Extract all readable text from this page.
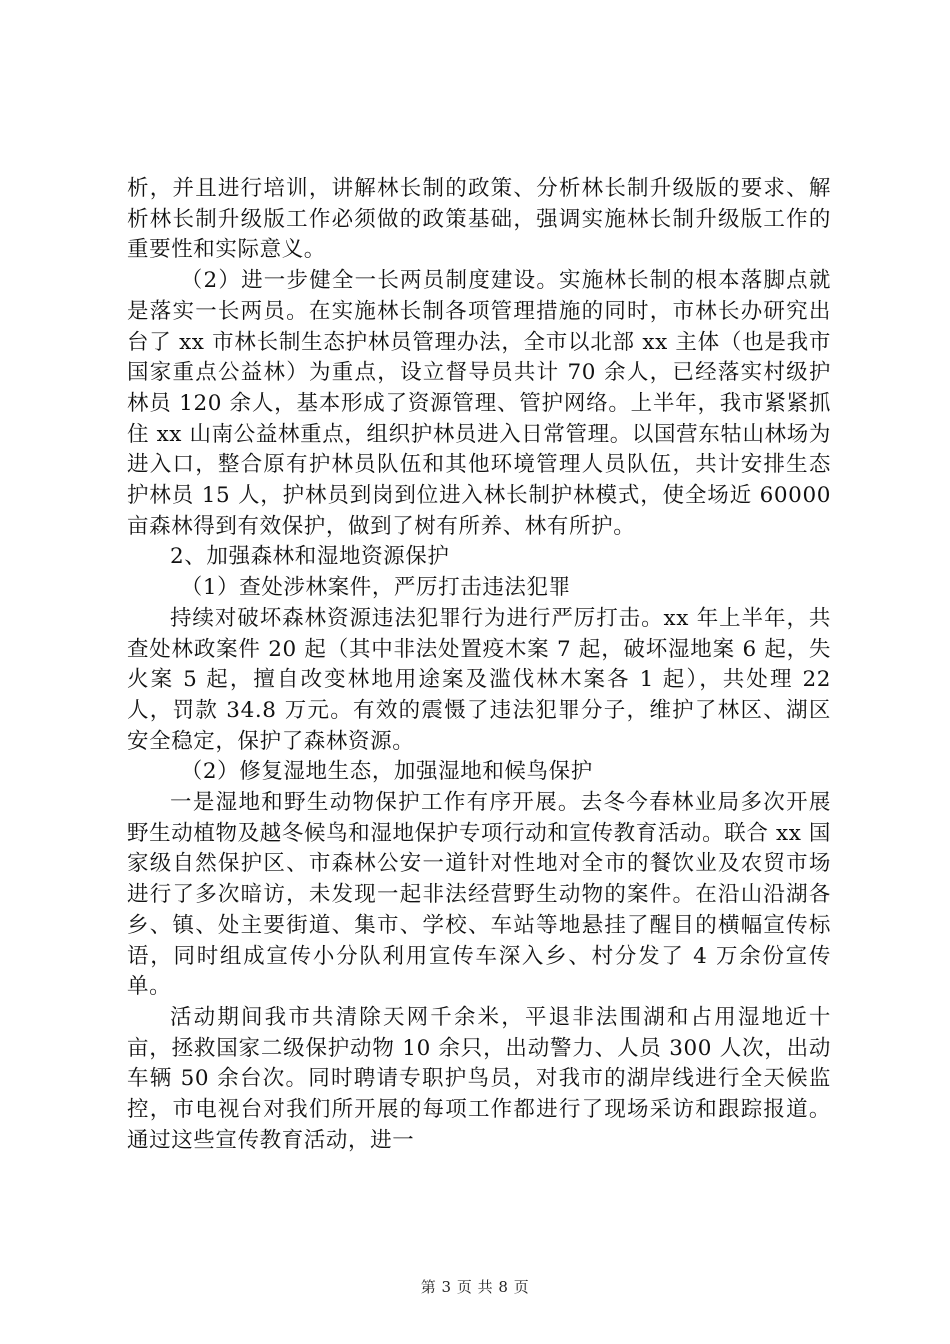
析，并且进行培训，讲解林长制的政策、分析林长制升级版的要求、解析林长制升级版工作必须做的政策基础，强调实施林长制升级版工作的重要性和实际意义。

（2）进一步健全一长两员制度建设。实施林长制的根本落脚点就是落实一长两员。在实施林长制各项管理措施的同时，市林长办研究出台了 xx 市林长制生态护林员管理办法，全市以北部 xx 主体（也是我市国家重点公益林）为重点，设立督导员共计 70 余人，已经落实村级护林员 120 余人，基本形成了资源管理、管护网络。上半年，我市紧紧抓住 xx 山南公益林重点，组织护林员进入日常管理。以国营东牯山林场为进入口，整合原有护林员队伍和其他环境管理人员队伍，共计安排生态护林员 15 人，护林员到岗到位进入林长制护林模式，使全场近 60000 亩森林得到有效保护，做到了树有所养、林有所护。

2、加强森林和湿地资源保护

（1）查处涉林案件，严厉打击违法犯罪

持续对破坏森林资源违法犯罪行为进行严厉打击。xx 年上半年，共查处林政案件 20 起（其中非法处置疫木案 7 起，破坏湿地案 6 起，失火案 5 起，擅自改变林地用途案及滥伐林木案各 1 起），共处理 22 人，罚款 34.8 万元。有效的震慑了违法犯罪分子，维护了林区、湖区安全稳定，保护了森林资源。

（2）修复湿地生态，加强湿地和候鸟保护

一是湿地和野生动物保护工作有序开展。去冬今春林业局多次开展野生动植物及越冬候鸟和湿地保护专项行动和宣传教育活动。联合 xx 国家级自然保护区、市森林公安一道针对性地对全市的餐饮业及农贸市场进行了多次暗访，未发现一起非法经营野生动物的案件。在沿山沿湖各乡、镇、处主要街道、集市、学校、车站等地悬挂了醒目的横幅宣传标语，同时组成宣传小分队利用宣传车深入乡、村分发了 4 万余份宣传单。

活动期间我市共清除天网千余米，平退非法围湖和占用湿地近十亩，拯救国家二级保护动物 10 余只，出动警力、人员 300 人次，出动车辆 50 余台次。同时聘请专职护鸟员，对我市的湖岸线进行全天候监控，市电视台对我们所开展的每项工作都进行了现场采访和跟踪报道。通过这些宣传教育活动，进一

第 3 页 共 8 页
